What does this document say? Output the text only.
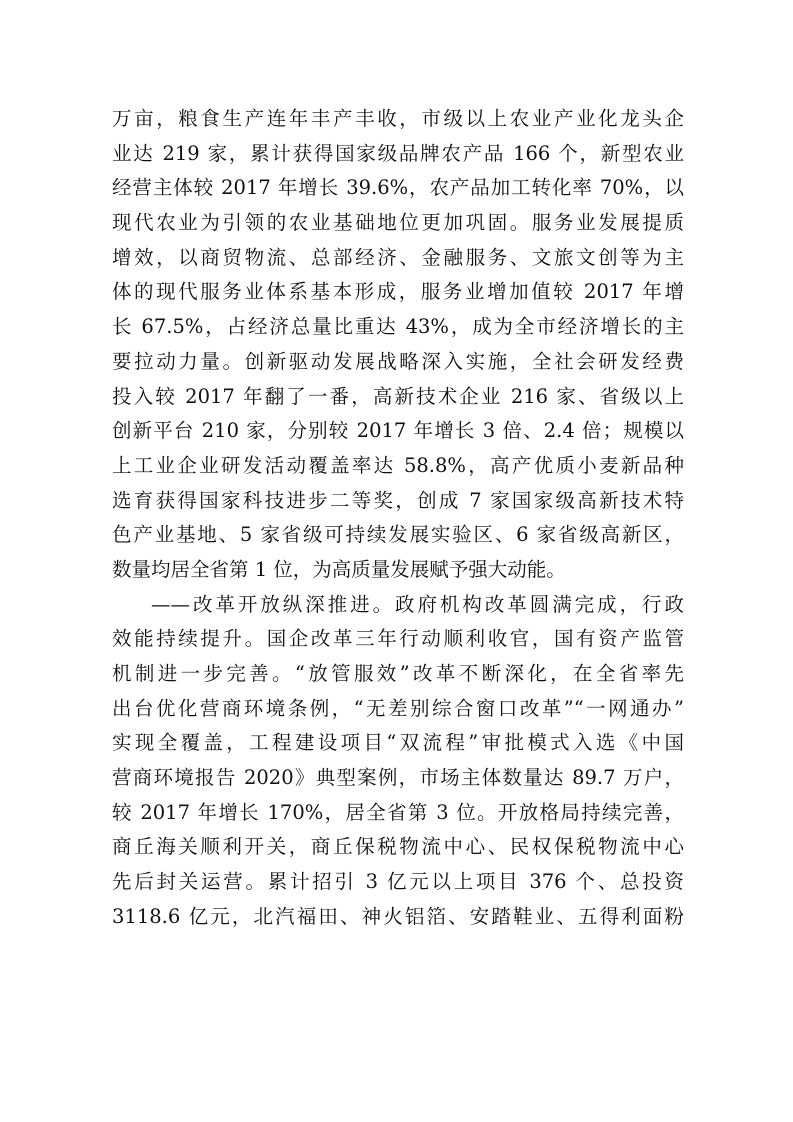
万亩，粮食生产连年丰产丰收，市级以上农业产业化龙头企
业达 219 家，累计获得国家级品牌农产品 166 个，新型农业
经营主体较 2017 年增长 39.6%，农产品加工转化率 70%，以
现代农业为引领的农业基础地位更加巩固。服务业发展提质
增效，以商贸物流、总部经济、金融服务、文旅文创等为主
体的现代服务业体系基本形成，服务业增加值较 2017 年增
长 67.5%，占经济总量比重达 43%，成为全市经济增长的主
要拉动力量。创新驱动发展战略深入实施，全社会研发经费
投入较 2017 年翻了一番，高新技术企业 216 家、省级以上
创新平台 210 家，分别较 2017 年增长 3 倍、2.4 倍；规模以
上工业企业研发活动覆盖率达 58.8%，高产优质小麦新品种
选育获得国家科技进步二等奖，创成 7 家国家级高新技术特
色产业基地、5 家省级可持续发展实验区、6 家省级高新区，
数量均居全省第 1 位，为高质量发展赋予强大动能。
——改革开放纵深推进。政府机构改革圆满完成，行政
效能持续提升。国企改革三年行动顺利收官，国有资产监管
机制进一步完善。“放管服效”改革不断深化，在全省率先
出台优化营商环境条例，“无差别综合窗口改革”“一网通办”
实现全覆盖，工程建设项目“双流程”审批模式入选《中国
营商环境报告 2020》典型案例，市场主体数量达 89.7 万户，
较 2017 年增长 170%，居全省第 3 位。开放格局持续完善，
商丘海关顺利开关，商丘保税物流中心、民权保税物流中心
先后封关运营。累计招引 3 亿元以上项目 376 个、总投资
3118.6 亿元，北汽福田、神火铝箔、安踏鞋业、五得利面粉
